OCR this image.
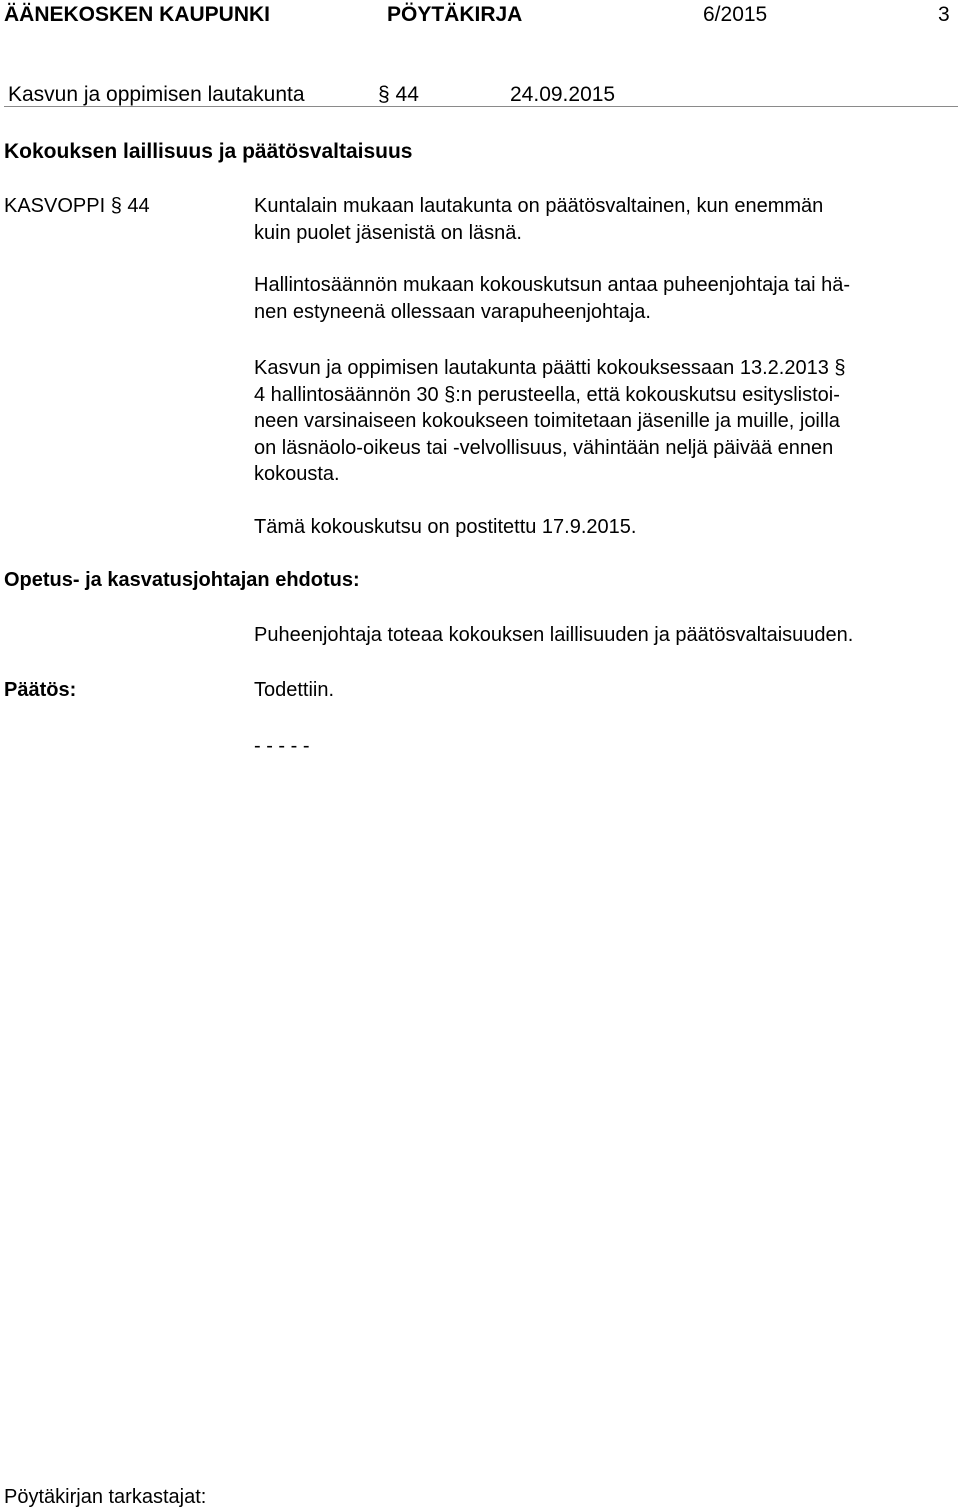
ÄÄNEKOSKEN KAUPUNKI	PÖYTÄKIRJA	6/2015	3
Kasvun ja oppimisen lautakunta	§ 44	24.09.2015
Kokouksen laillisuus ja päätösvaltaisuus
KASVOPPI § 44	Kuntalain mukaan lautakunta on päätösvaltainen, kun enemmän
kuin puolet jäsenistä on läsnä.
Hallintosäännön mukaan kokouskutsun antaa puheenjohtaja tai hä-
nen estyneenä ollessaan varapuheenjohtaja.
Kasvun ja oppimisen lautakunta päätti kokouksessaan 13.2.2013 §
4 hallintosäännön 30 §:n perusteella, että kokouskutsu esityslistoi-
neen varsinaiseen kokoukseen toimitetaan jäsenille ja muille, joilla
on läsnäolo-oikeus tai -velvollisuus, vähintään neljä päivää ennen
kokousta.
Tämä kokouskutsu on postitettu 17.9.2015.
Opetus- ja kasvatusjohtajan ehdotus:
Puheenjohtaja toteaa kokouksen laillisuuden ja päätösvaltaisuuden.
Päätös:	Todettiin.
- - - - -
Pöytäkirjan tarkastajat:
